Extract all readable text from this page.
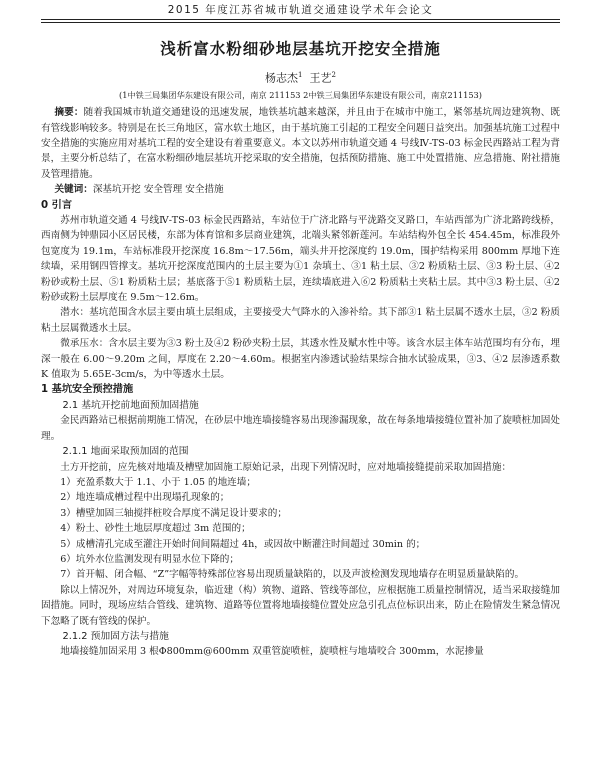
2015 年度江苏省城市轨道交通建设学术年会论文
浅析富水粉细砂地层基坑开挖安全措施
杨志杰$^1$ 王艺$^2$
(1中铁三局集团华东建设有限公司，南京 211153 2中铁三局集团华东建设有限公司，南京211153)

摘要：随着我国城市轨道交通建设的迅速发展，地铁基坑越来越深，并且由于在城市中施工，紧邻基坑周边建筑物、既有管线影响较多。特别是在长三角地区，富水软土地区，由于基坑施工引起的工程安全问题日益突出。加强基坑施工过程中安全措施的实施应用对基坑工程的安全建设有着重要意义。本文以苏州市轨道交通 4 号线Ⅳ-TS-03 标金民西路站工程为背景，主要分析总结了，在富水粉细砂地层基坑开挖采取的安全措施，包括预防措施、施工中处置措施、应急措施、附社措施及管理措施。

关键词：深基坑开挖 安全管理 安全措施

0 引言

苏州市轨道交通 4 号线Ⅳ-TS-03 标金民西路站，车站位于广济北路与平泷路交叉路口，车站西部为广济北路跨线桥，西南侧为钟鼎园小区居民楼，东部为体育馆和多层商业建筑，北端头紧邻新莲河。车站结构外包全长 454.45m，标准段外包宽度为 19.1m，车站标准段开挖深度 16.8m～17.56m，端头井开挖深度约 19.0m，围护结构采用 800mm 厚地下连续墙，采用钢四管撑支。基坑开挖深度范围内的土层主要为①1 杂填土、③1 粘土层、③2 粉质粘土层、③3 粉土层、④2 粉砂或粉土层、⑤1 粉质粘土层；基底落于⑤1 粉质粘土层，连续墙底进入⑥2 粉质粘土夹粘土层。其中③3 粉土层、④2 粉砂或粉土层厚度在 9.5m～12.6m。

潜水：基坑范围含水层主要由填土层组成，主要接受大气降水的入渗补给。其下部③1 粘土层属不透水土层，③2 粉质粘土层属微透水土层。

微承压水：含水层主要为③3 粉土及④2 粉砂夹粉土层，其透水性及赋水性中等。该含水层主体车站范围均有分布，埋深一般在 6.00～9.20m 之间，厚度在 2.20～4.60m。根据室内渗透试验结果综合抽水试验成果，③3、④2 层渗透系数 K 值取为 5.65E-3cm/s，为中等透水土层。

1 基坑安全预控措施

2.1 基坑开挖前地面预加固措施

金民西路站已根据前期施工情况，在砂层中地连墙接缝容易出现渗漏现象，故在每条地墙接缝位置补加了旋喷桩加固处理。

2.1.1 地面采取预加固的范围

土方开挖前，应先核对地墙及槽壁加固施工原始记录，出现下列情况时，应对地墙接缝提前采取加固措施：

1）充盈系数大于 1.1、小于 1.05 的地连墙；

2）地连墙成槽过程中出现塌孔现象的；

3）槽壁加固三轴搅拌桩咬合厚度不满足设计要求的；

4）粉土、砂性土地层厚度超过 3m 范围的；

5）成槽清孔完成至灌注开始时间间隔超过 4h，或因故中断灌注时间超过 30min 的；

6）坑外水位监测发现有明显水位下降的；

7）首开幅、闭合幅、“Z”字幅等特殊部位容易出现质量缺陷的，以及声波检测发现地墙存在明显质量缺陷的。

除以上情况外，对周边环境复杂，临近建（构）筑物、道路、管线等部位，应根据施工质量控制情况，适当采取接缝加固措施。同时，现场应结合管线、建筑物、道路等位置将地墙接缝位置处应急引孔点位标识出来，防止在险情发生紧急情况下忽略了既有管线的保护。

2.1.2 预加固方法与措施

地墙接缝加固采用 3 根Φ800mm@600mm 双重管旋喷桩，旋喷桩与地墙咬合 300mm，水泥掺量
